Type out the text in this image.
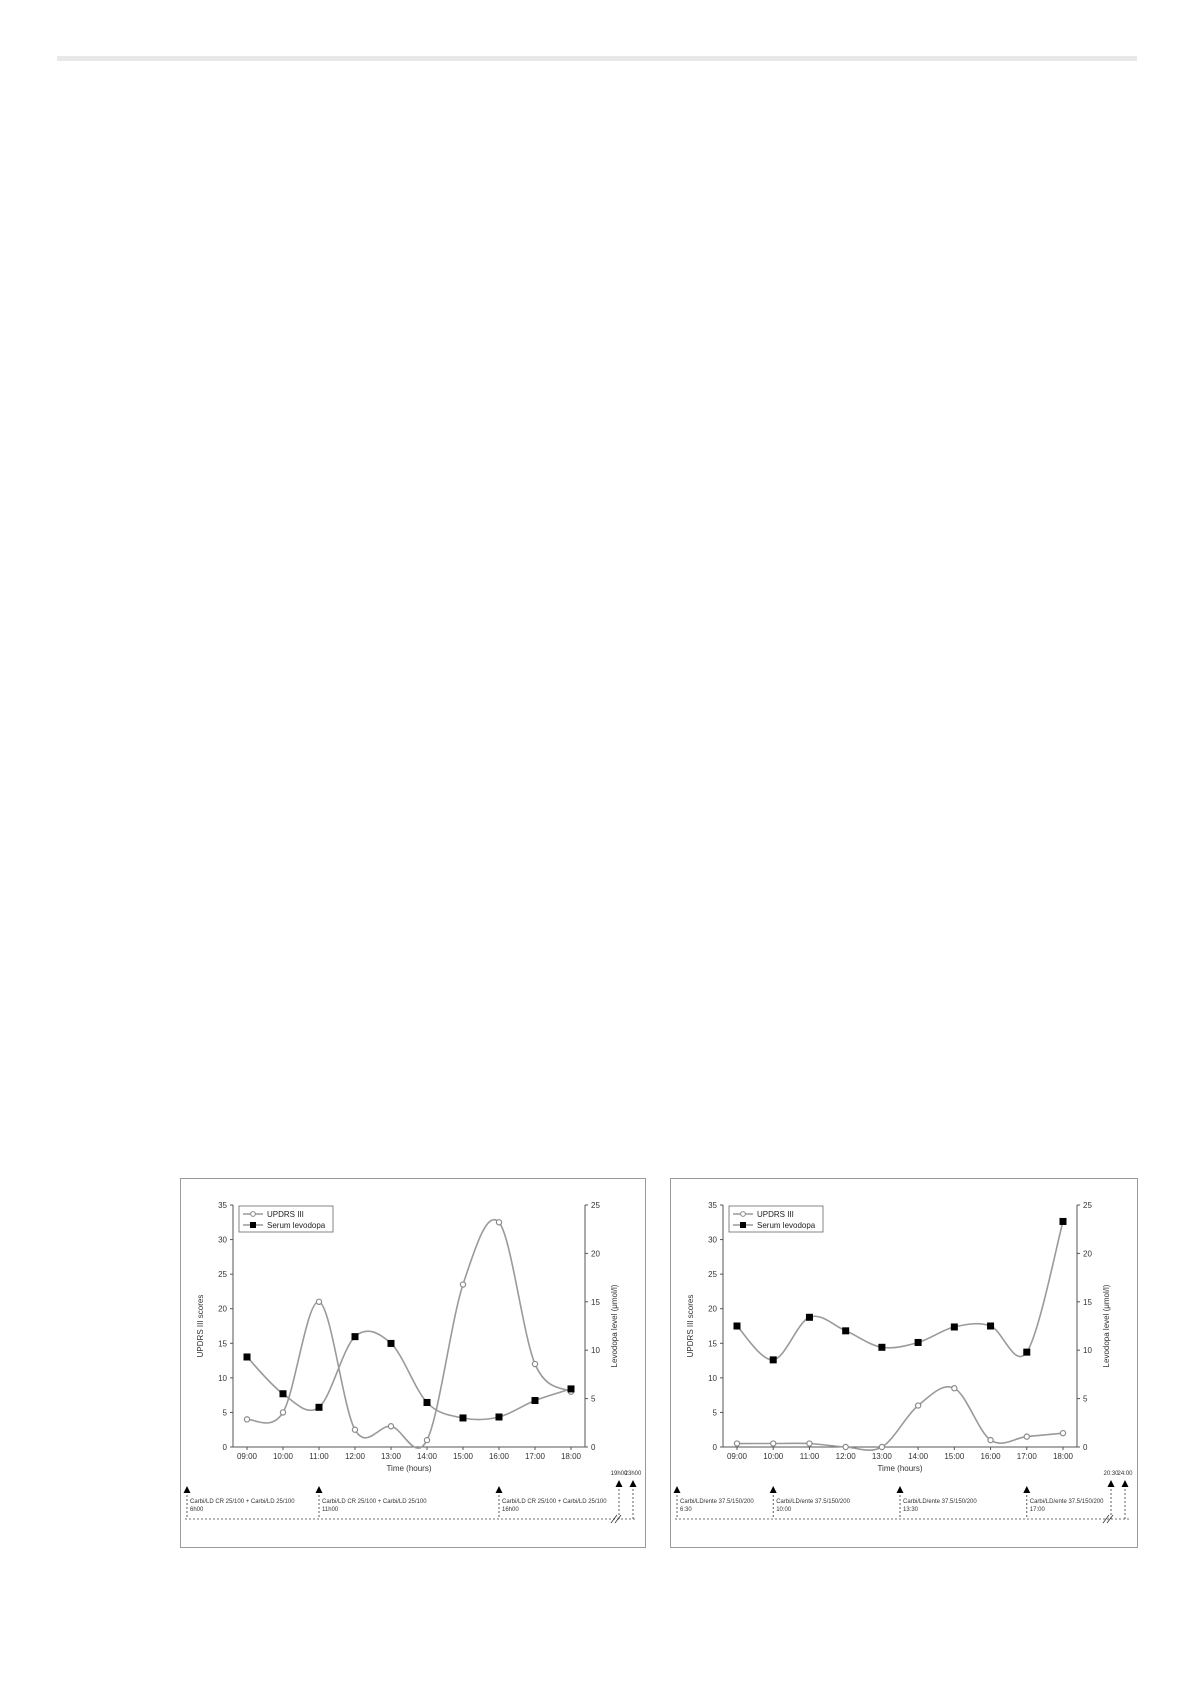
0
5
10
15
20
25
30
35
0
5
10
15
20
25
09:00 10:00 11:00 12:00 13:00 14:00 15:00 16:00 17:00 18:00
Time (hours)
UPDRS III scores	Levodopa level (μmol/l)
UPDRS III
Serum levodopa
Carbi/LD CR 25/100 + Carbi/LD 25/100
6h00
Carbi/LD CR 25/100 + Carbi/LD 25/100
11h00
Carbi/LD CR 25/100 + Carbi/LD 25/100
16h00
19h00
23h00
0
5
10
15
20
25
30
35
0
5
10
15
20
25
09:00 10:00 11:00 12:00 13:00 14:00 15:00 16:00 17:00 18:00
Time (hours)
UPDRS III scores	Levodopa level (μmol/l)
UPDRS III
Serum levodopa
Carbi/LD/ente 37.5/150/200
6:30
Carbi/LD/ente 37.5/150/200
10:00
Carbi/LD/ente 37.5/150/200
13:30
Carbi/LD/ente 37.5/150/200
17:00
20:30
24:00
